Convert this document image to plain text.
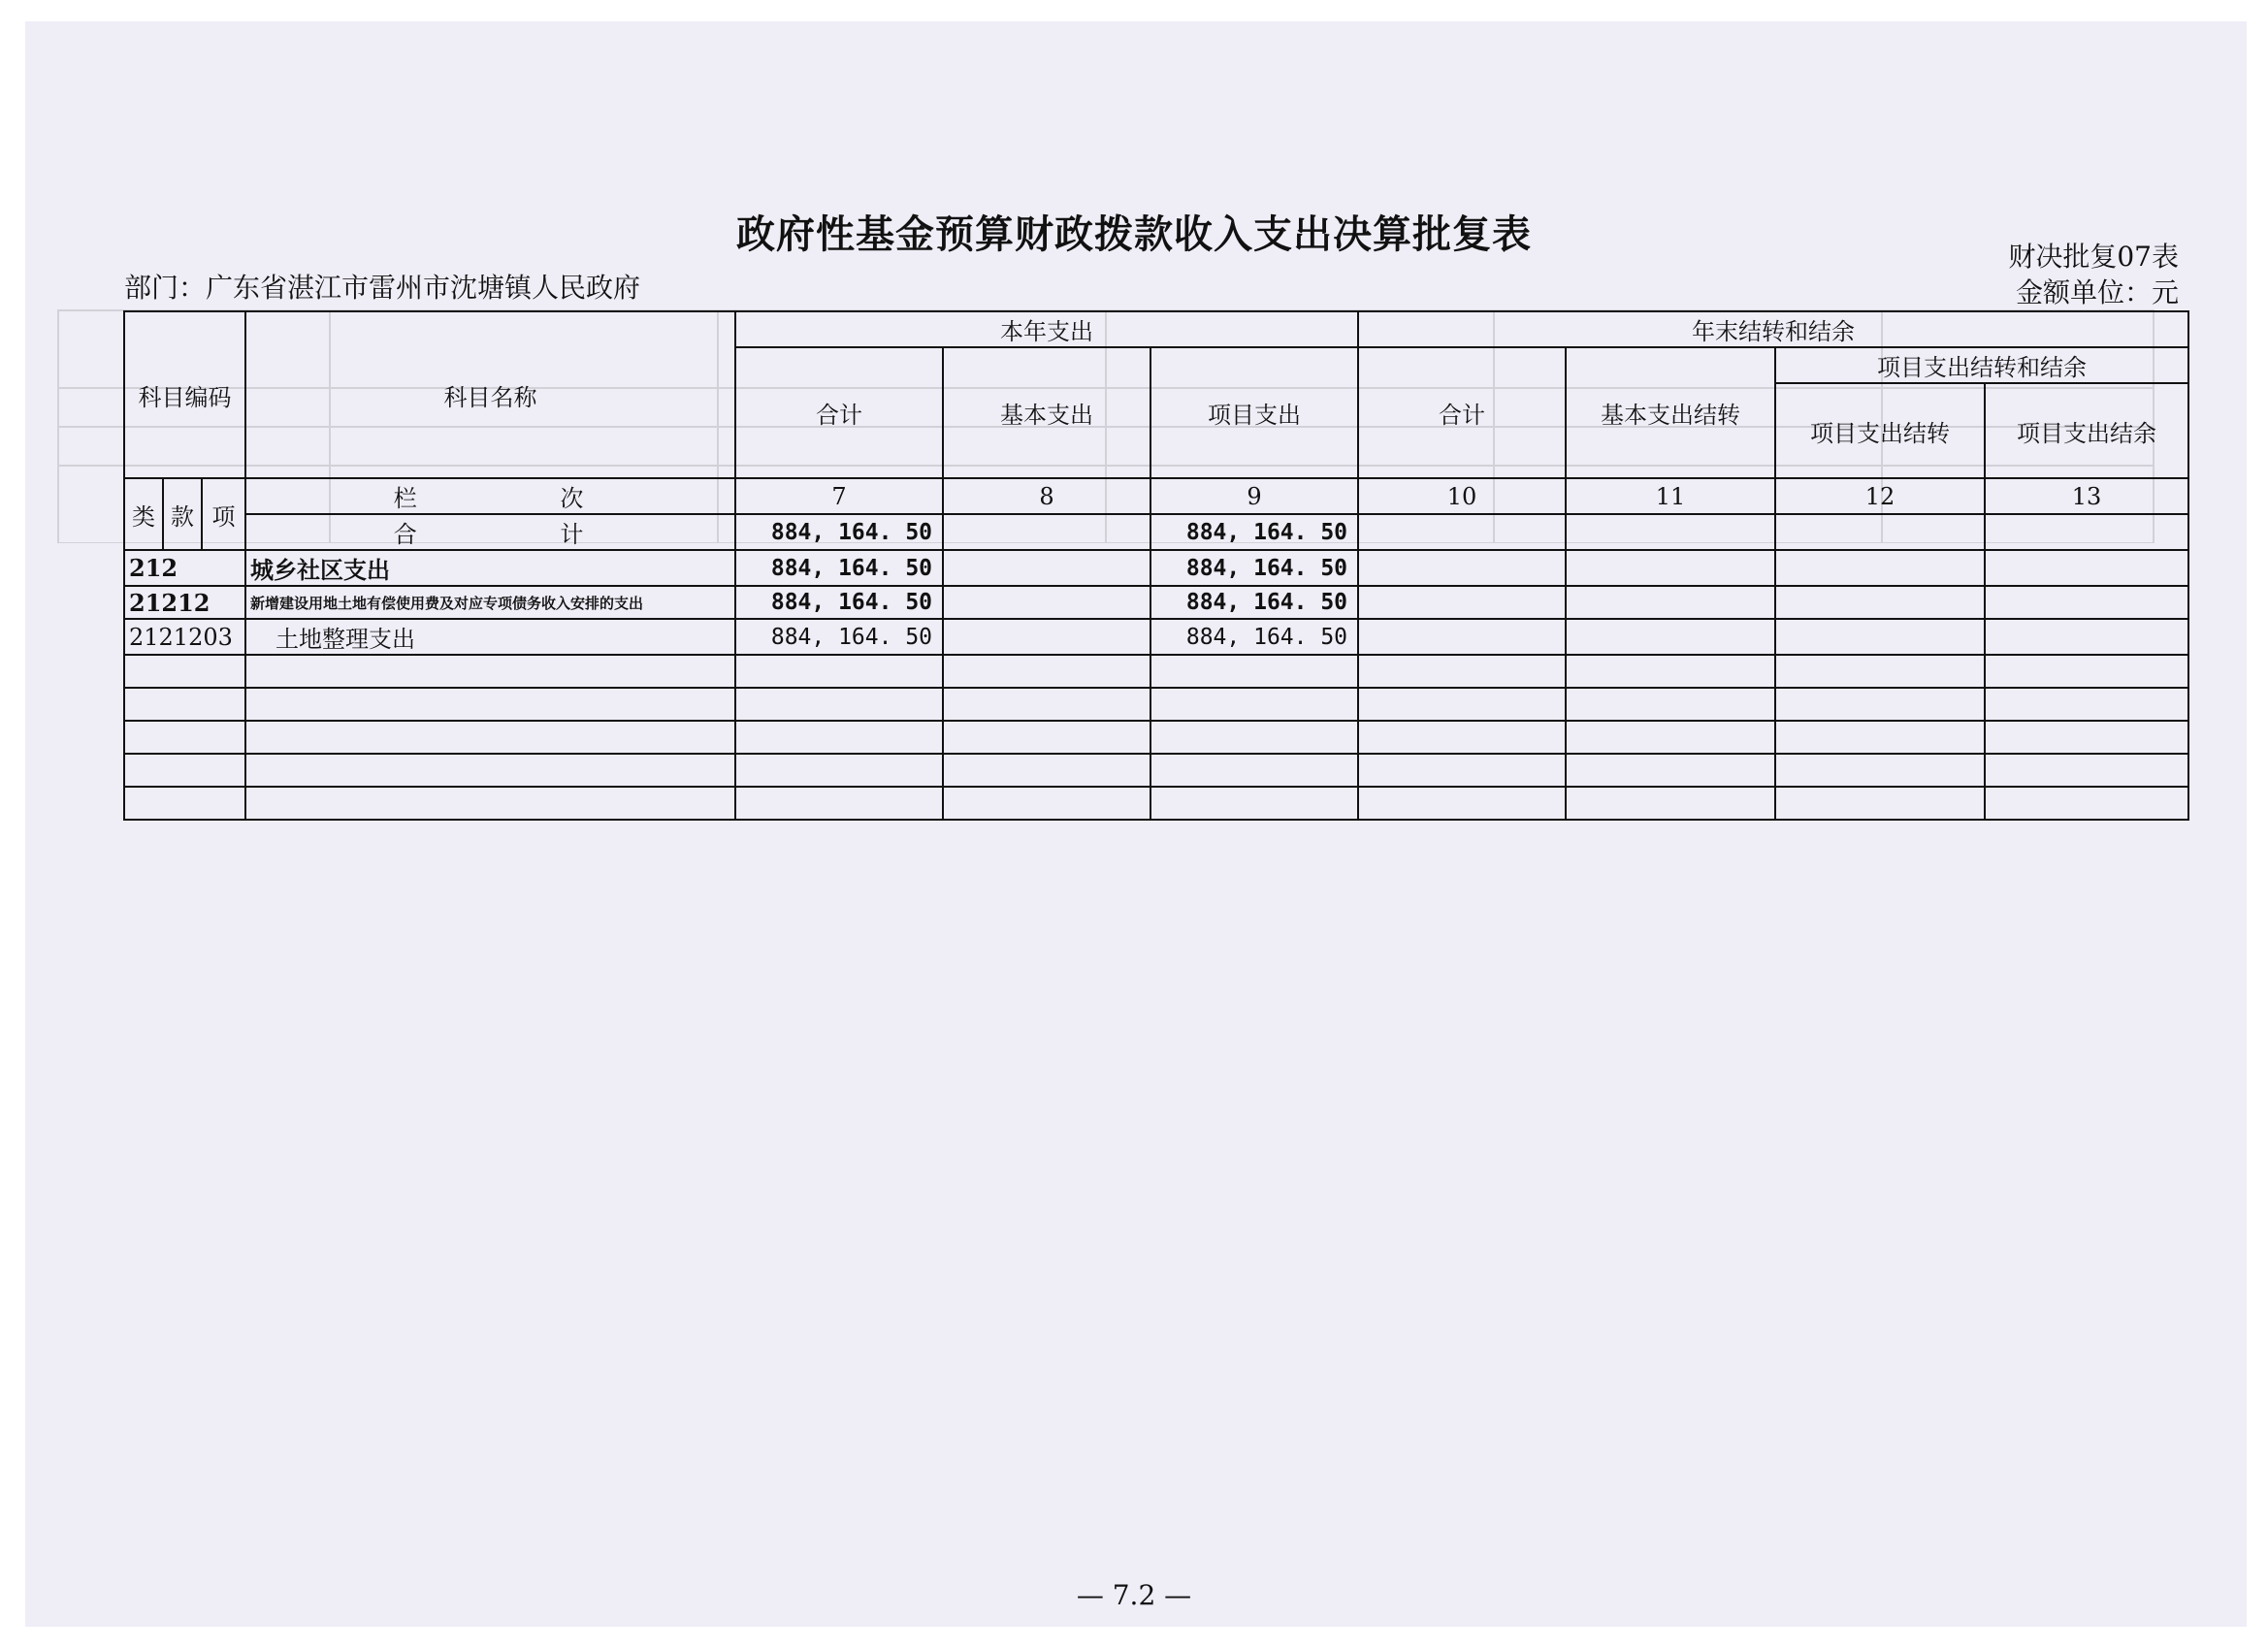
政府性基金预算财政拨款收入支出决算批复表	财决批复07表
部门：广东省湛江市雷州市沈塘镇人民政府	金额单位：元
科目编码			科目名称	本年支出			年末结转和结余			
				合计	基本支出	项目支出	合计	基本支出结转	项目支出结转和结余	
									项目支出结转	项目支出结余
类	款	项	栏 次	7	8	9	10	11	12	13
			合 计	884, 164. 50		884, 164. 50				
212			城乡社区支出	884, 164. 50		884, 164. 50				
21212			新增建设用地土地有偿使用费及对应专项债务收入安排的支出	884, 164. 50		884, 164. 50				
2121203			土地整理支出	884, 164. 50		884, 164. 50				

— 7.2 —
